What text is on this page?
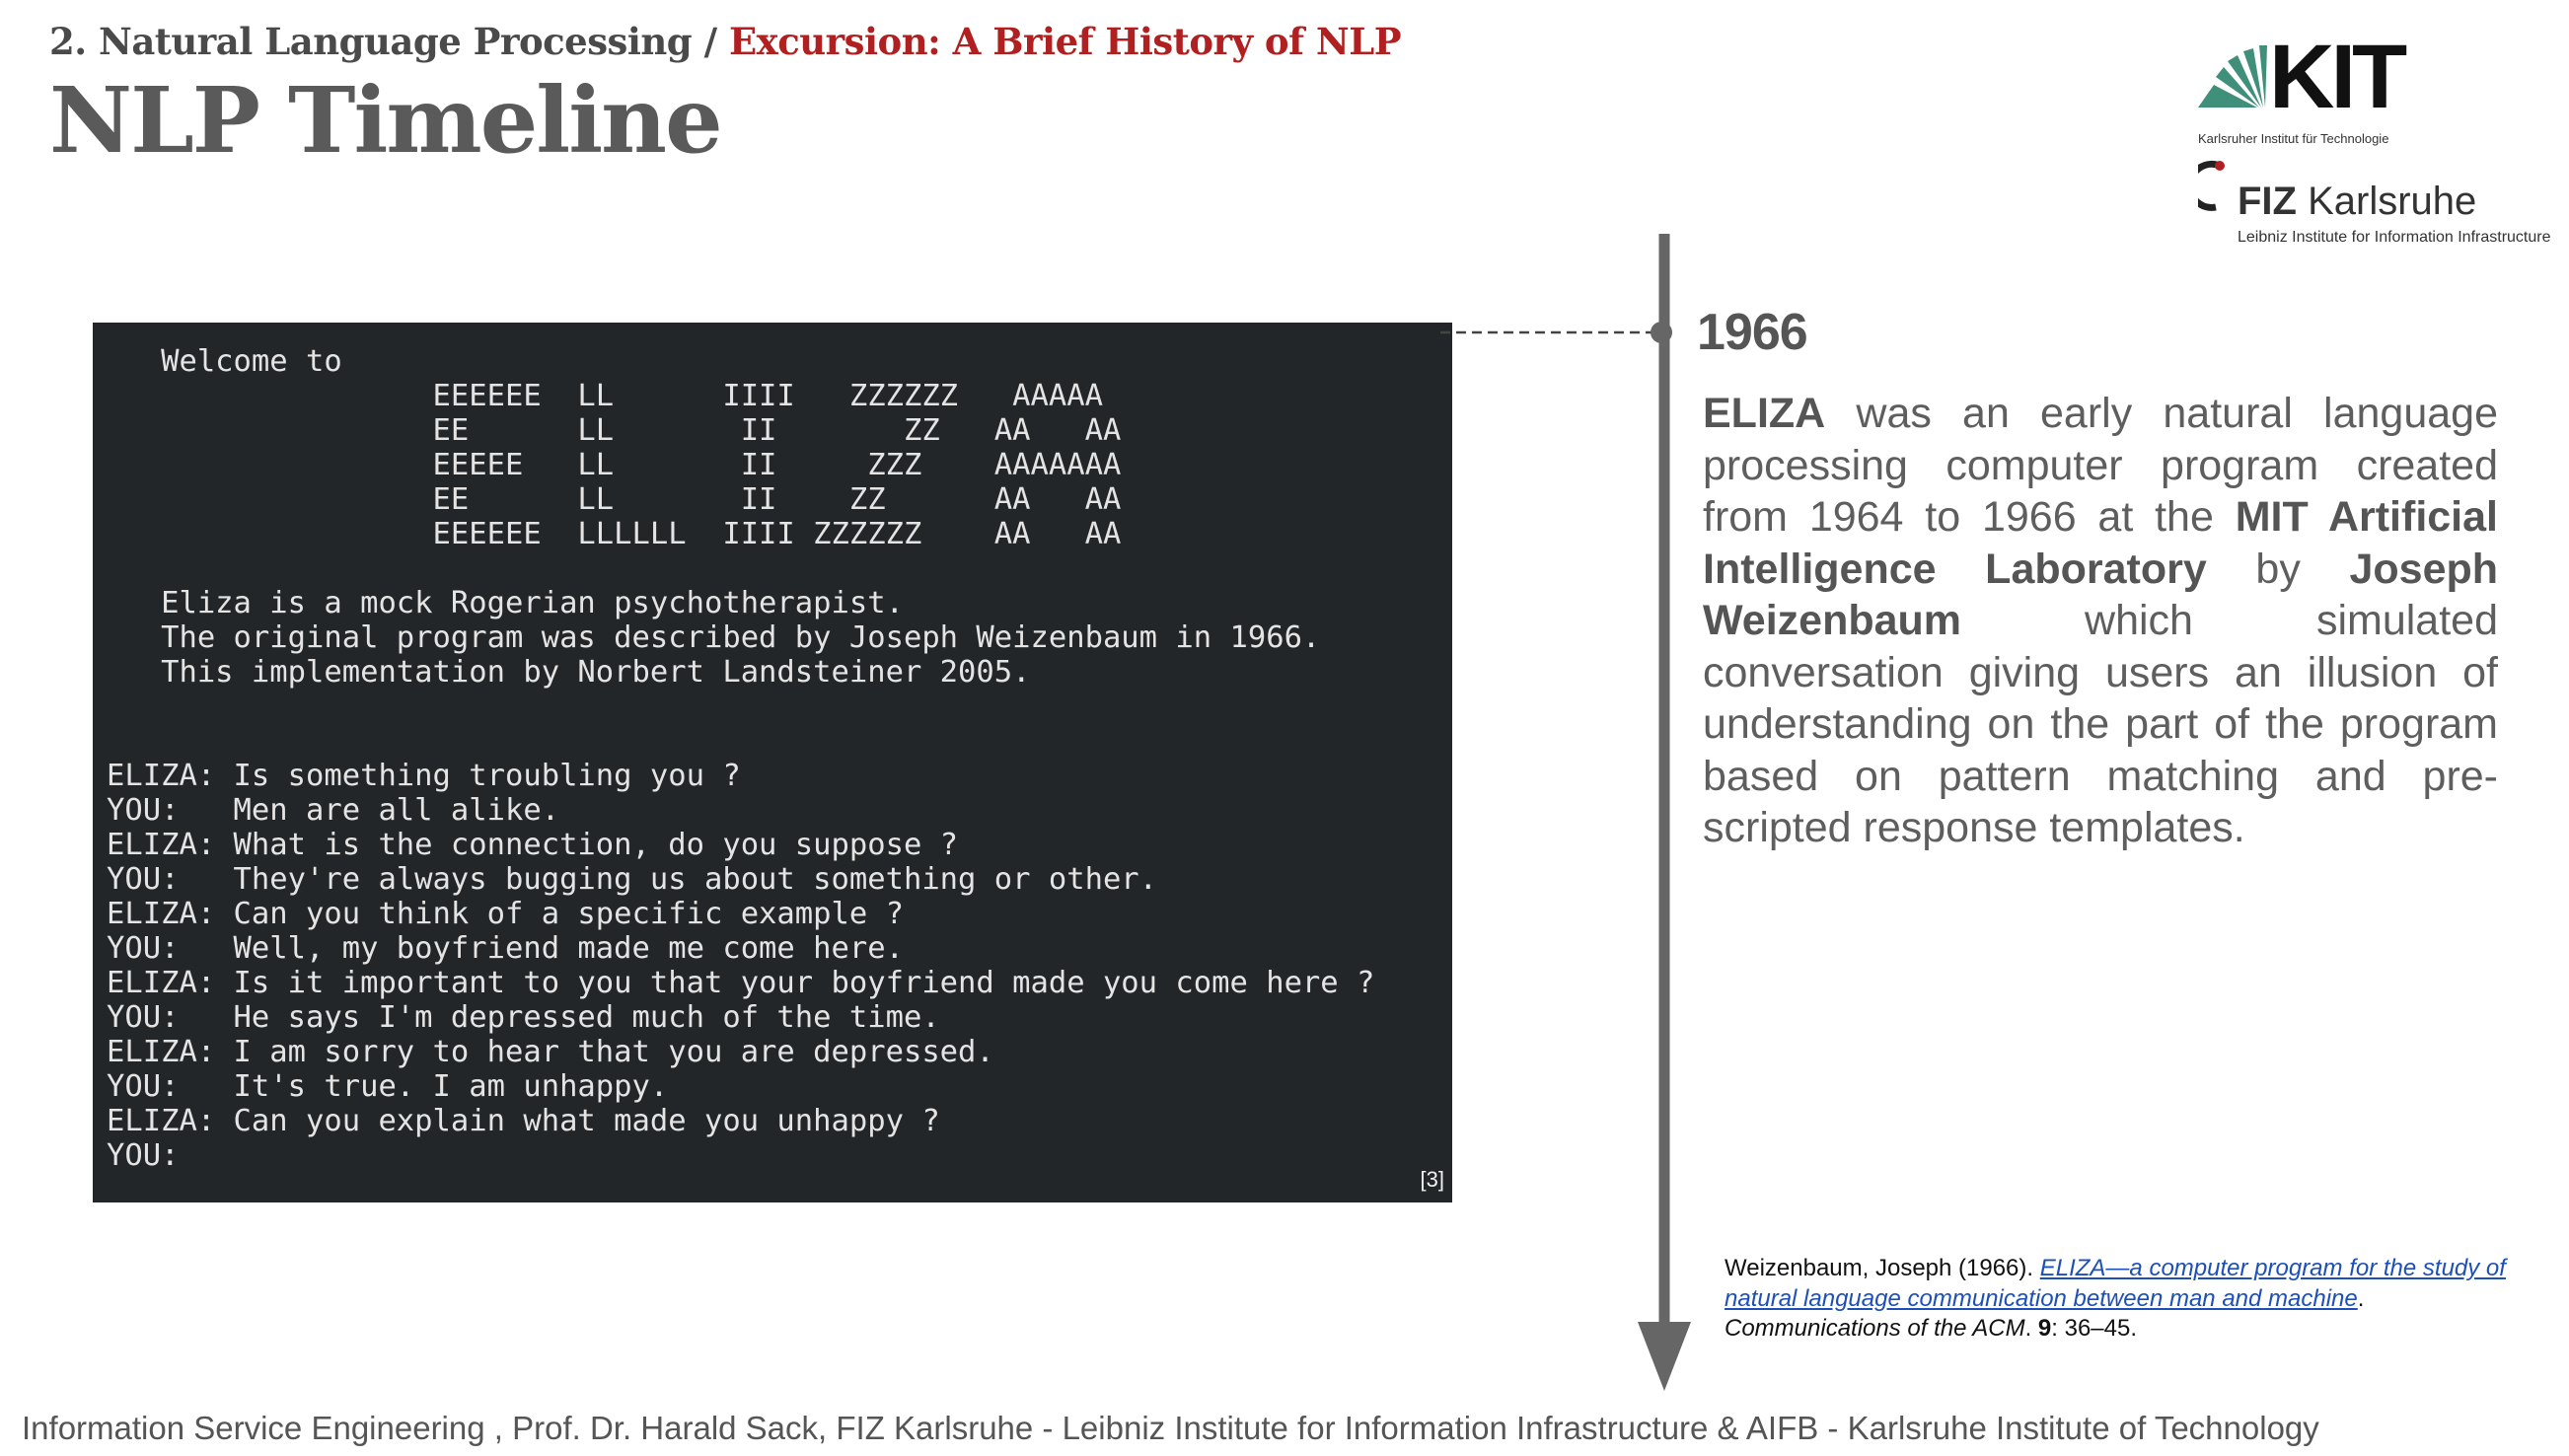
2. Natural Language Processing / Excursion: A Brief History of NLP
NLP Timeline	KIT
Karlsruher Institut für Technologie
FIZ Karlsruhe
Leibniz Institute for Information Infrastructure
Welcome to
EEEEEE  LL      IIII   ZZZZZZ   AAAAA
EE      LL       II       ZZ   AA   AA
EEEEE   LL       II     ZZZ    AAAAAAA
EE      LL       II    ZZ      AA   AA
EEEEEE  LLLLLL  IIII ZZZZZZ    AA   AA

Eliza is a mock Rogerian psychotherapist.
The original program was described by Joseph Weizenbaum in 1966.
This implementation by Norbert Landsteiner 2005.

ELIZA: Is something troubling you ?
YOU:   Men are all alike.
ELIZA: What is the connection, do you suppose ?
YOU:   They're always bugging us about something or other.
ELIZA: Can you think of a specific example ?
YOU:   Well, my boyfriend made me come here.
ELIZA: Is it important to you that your boyfriend made you come here ?
YOU:   He says I'm depressed much of the time.
ELIZA: I am sorry to hear that you are depressed.
YOU:   It's true. I am unhappy.
ELIZA: Can you explain what made you unhappy ?
YOU:
[3]
1966
ELIZA was an early natural language processing computer program created from 1964 to 1966 at the MIT Artificial Intelligence Laboratory by Joseph Weizenbaum which simulated conversation giving users an illusion of understanding on the part of the program based on pattern matching and pre-scripted response templates.
Weizenbaum, Joseph (1966). ELIZA—a computer program for the study of natural language communication between man and machine. Communications of the ACM. 9: 36–45.
Information Service Engineering , Prof. Dr. Harald Sack, FIZ Karlsruhe - Leibniz Institute for Information Infrastructure & AIFB - Karlsruhe Institute of Technology
